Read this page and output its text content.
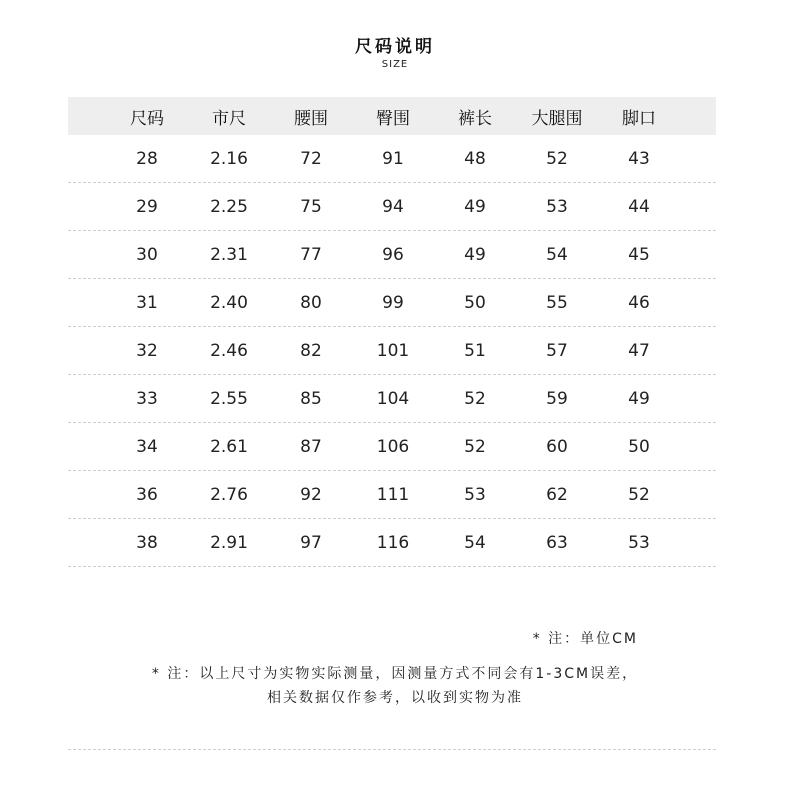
尺码说明
SIZE
尺码	市尺	腰围	臀围	裤长	大腿围	脚口
28	2.16	72	91	48	52	43
29	2.25	75	94	49	53	44
30	2.31	77	96	49	54	45
31	2.40	80	99	50	55	46
32	2.46	82	101	51	57	47
33	2.55	85	104	52	59	49
34	2.61	87	106	52	60	50
36	2.76	92	111	53	62	52
38	2.91	97	116	54	63	53
* 注：单位CM
* 注：以上尺寸为实物实际测量，因测量方式不同会有1-3CM误差，
相关数据仅作参考，以收到实物为准
